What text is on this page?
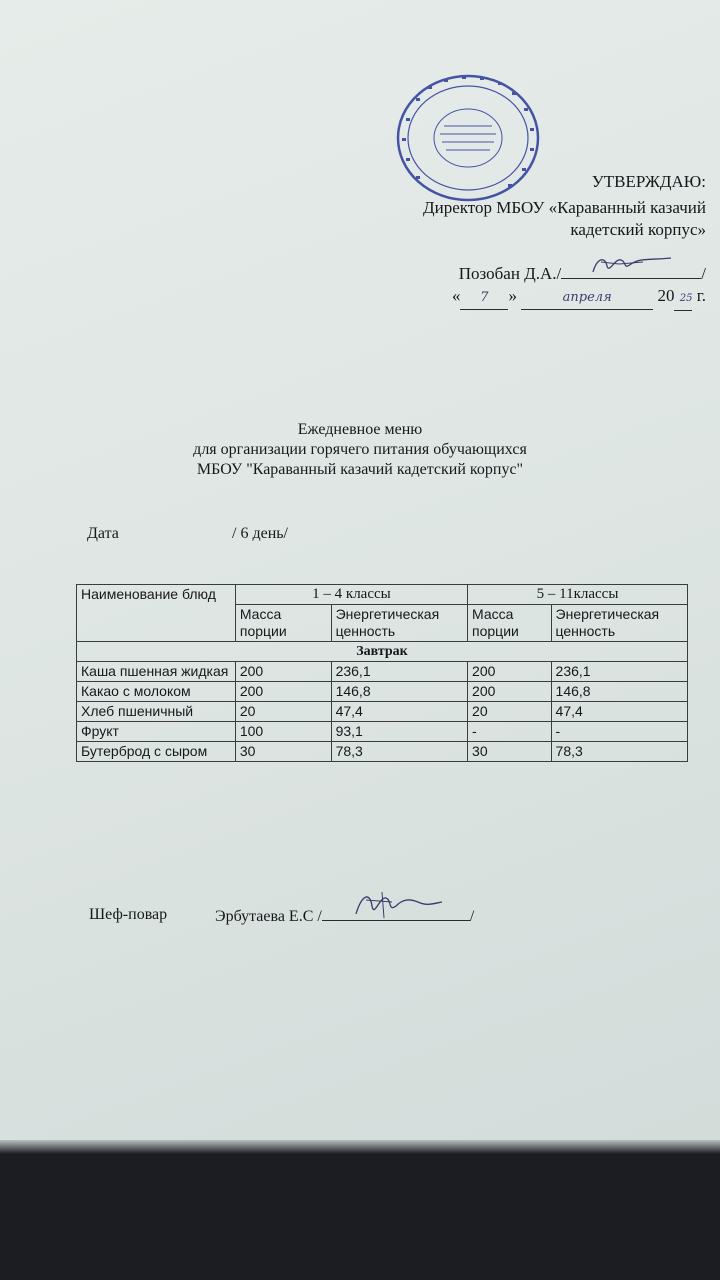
УТВЕРЖДАЮ:
Директор МБОУ «Караванный казачий
кадетский корпус»
Позобан Д.А./	/
« 7 »	апреля	20 25 г.
Ежедневное меню
для организации горячего питания обучающихся
МБОУ "Караванный казачий кадетский корпус"
Дата	/ 6 день/
Наименование блюд	1 – 4 классы		5 – 11классы	
	Масса порции	Энергетическая ценность	Масса порции	Энергетическая ценность
Завтрак				
Каша пшенная жидкая	200	236,1	200	236,1
Какао с молоком	200	146,8	200	146,8
Хлеб пшеничный	20	47,4	20	47,4
Фрукт	100	93,1	-	-
Бутерброд с сыром	30	78,3	30	78,3
Шеф-повар	Эрбутаева Е.С /	/
